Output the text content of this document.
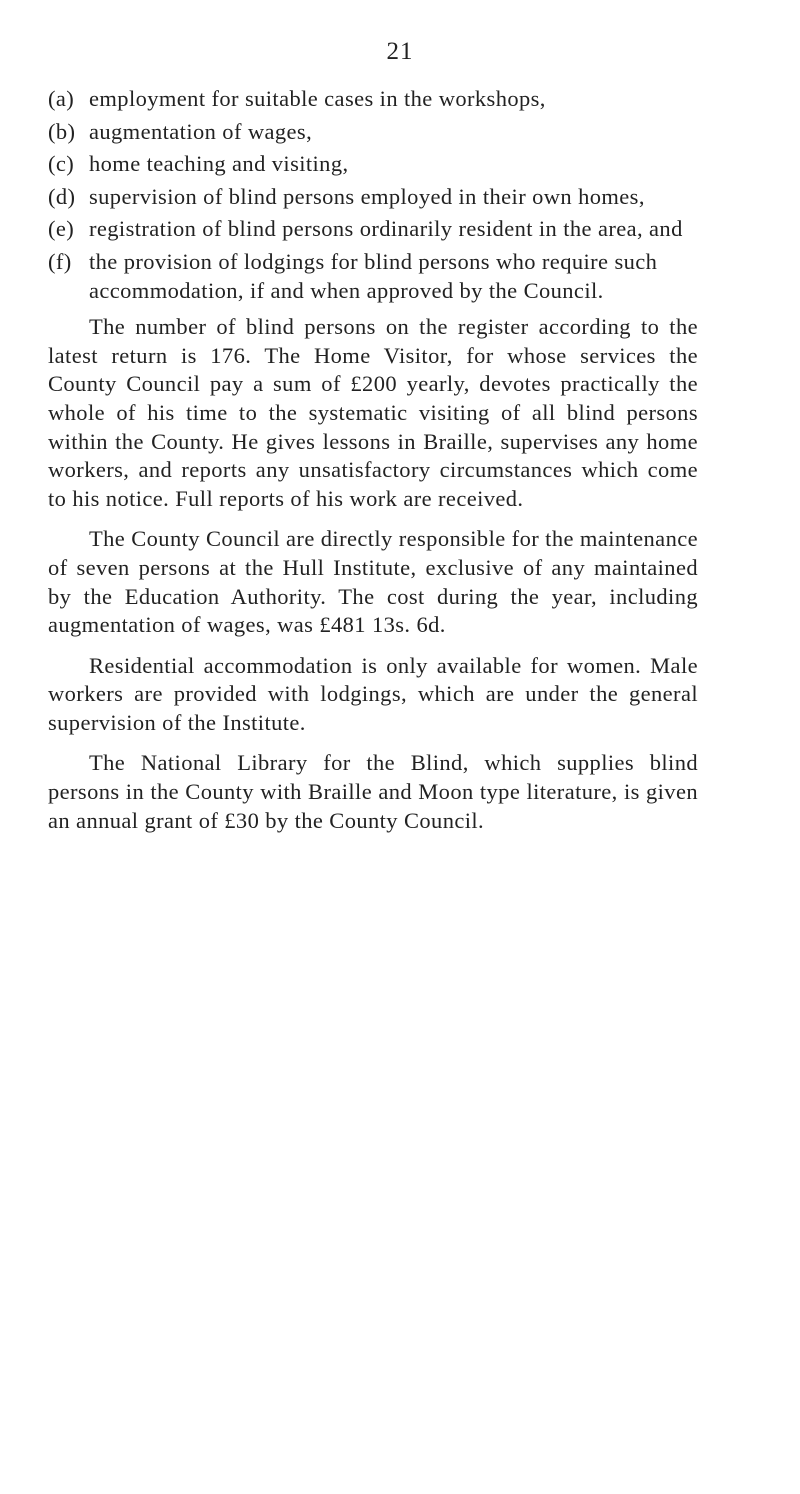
21
(a) employment for suitable cases in the workshops,
(b) augmentation of wages,
(c) home teaching and visiting,
(d) supervision of blind persons employed in their own homes,
(e) registration of blind persons ordinarily resident in the area, and
(f) the provision of lodgings for blind persons who require such accommodation, if and when approved by the Council.

The number of blind persons on the register according to the latest return is 176. The Home Visitor, for whose services the County Council pay a sum of £200 yearly, devotes practically the whole of his time to the systematic visiting of all blind persons within the County. He gives lessons in Braille, supervises any home workers, and reports any unsatisfactory circumstances which come to his notice. Full reports of his work are received.

The County Council are directly responsible for the maintenance of seven persons at the Hull Institute, exclusive of any maintained by the Education Authority. The cost during the year, including augmentation of wages, was £481 13s. 6d.

Residential accommodation is only available for women. Male workers are provided with lodgings, which are under the general supervision of the Institute.

The National Library for the Blind, which supplies blind persons in the County with Braille and Moon type literature, is given an annual grant of £30 by the County Council.
